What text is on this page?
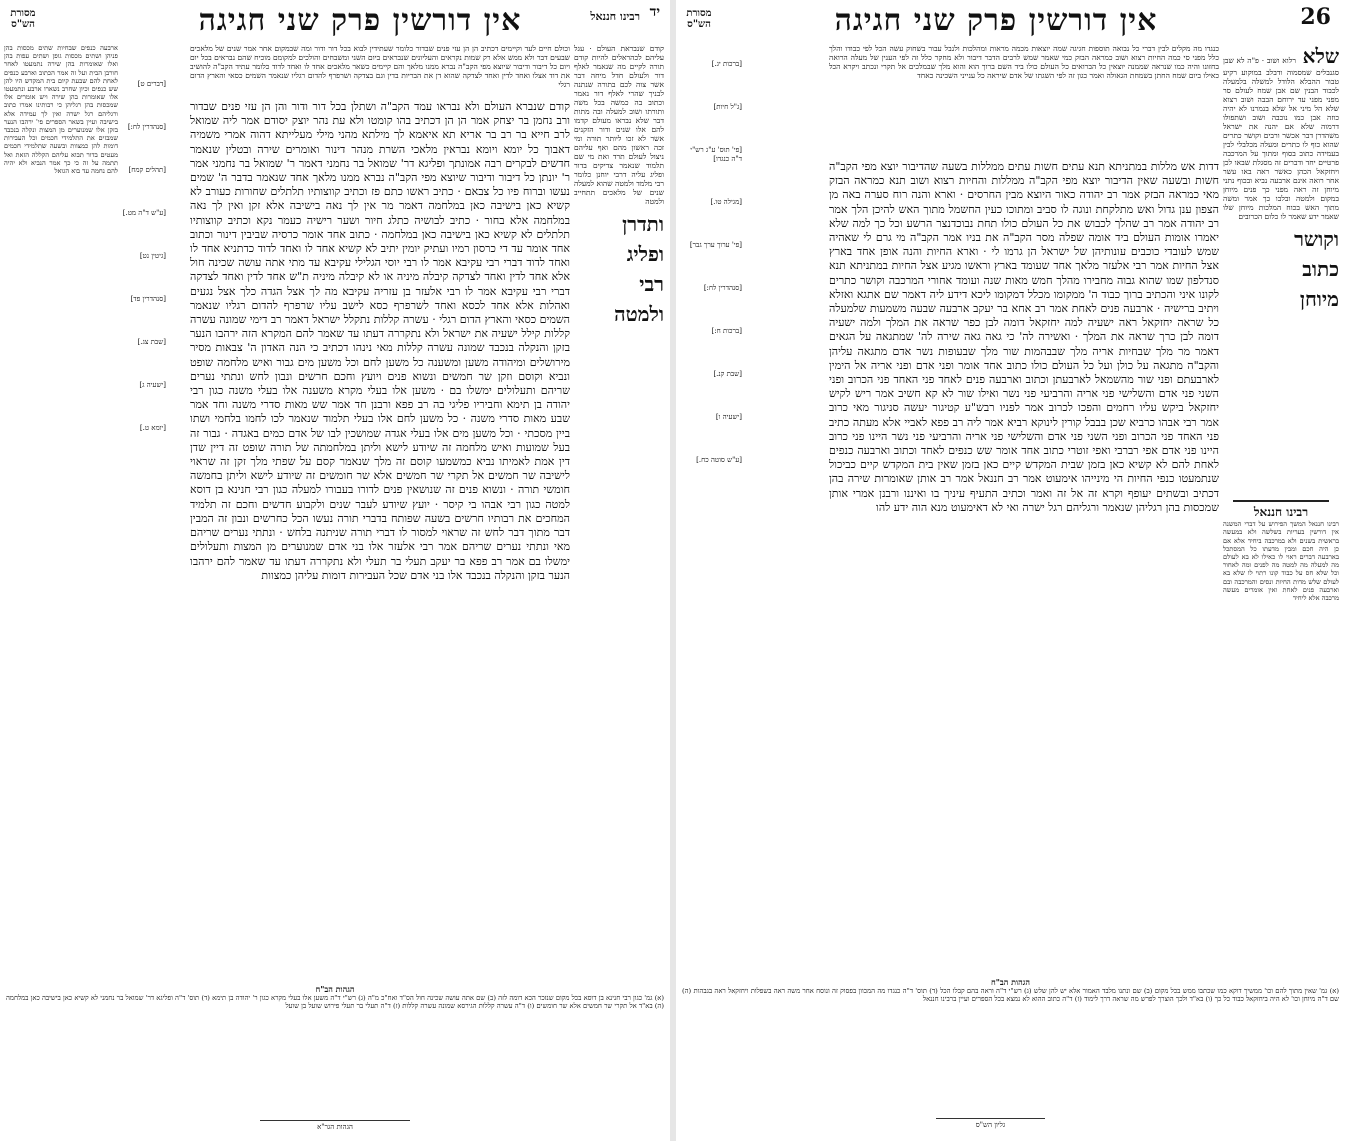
26
אין דורשין פרק שני חגיגה
מסורת הש"ס
שלא רלוא ושוב · פ"ה לא שבן סגנבלים שמסמוה ודבלב במוקוע רקיע טבור ההבלא הלודל למשלה בלמעלה לכבוד הבנין שם אבן שמח לעולם סר מפני מפני עד ירוחם הבבה ושוב רצוא שלא הל מיני אל שלא בנמרנו לא יהיה כוזה אבן כמו נוכבה ושוב ושתפולו דרמוה שלא אם יהנה את ישראל משהדרן דבר אכשר ורבים וקושר כתרים שהוא כוף לו כתרים ומעלה מכלבלי לבין בעמידה כתוב בסוף ומתוך על המרכבה פרטיים יחד ודברים זה מסגלת שבאו לכן ויחזקאל הכהן כאשר ראה באו עשר אחר רואה אינם ארבעה נביא ובכוף נתני מיוחן זה ראה מפני כך פנים מיוחן במקום ולמטה ובלבו כך אמר ומשה מתוך האש בכוח המלכות מיוחן שלו שאמר ידע שאמר לו כלום הכרובים
וקושר
כתוב
מיוחן
דדות אש מללות במתניתא תנא עתים חשות עתים ממללות בשעה שהדיבור יוצא מפי הקב"ה חשות ובשעה שאין הדיבור יוצא מפי הקב"ה ממללות והחיות רצוא ושוב תנא כמראה הבזק מאי כמראה הבזק אמר רב יהודה כאור היוצא מבין החרסים · וארא והנה רוח סערה באה מן הצפון ענן גדול ואש מתלקחת ונוגה לו סביב ומתוכו כעין החשמל מתוך האש להיכן הלך אמר רב יהודה אמר רב שהלך לכבוש את כל העולם כולו תחת נבוכדנצר הרשע וכל כך למה שלא יאמרו אומות העולם ביד אומה שפלה מסר הקב"ה את בניו אמר הקב"ה מי גרם לי שאהיה שמש לעובדי כוכבים עונותיהן של ישראל הן גרמו לי · וארא החיות והנה אופן אחד בארץ אצל החיות אמר רבי אלעזר מלאך אחד שעומד בארץ וראשו מגיע אצל החיות במתניתא תנא סנדלפון שמו שהוא גבוה מחבירו מהלך חמש מאות שנה ועומד אחורי המרכבה וקושר כתרים לקונו איני והכתיב ברוך כבוד ה' ממקומו מכלל דמקומו ליכא דידע ליה דאמר שם אתגא ואזלא ויתיב ברישיה · ארבעה פנים לאחת אמר רב אחא בר יעקב ארבעה שבעה משמעות שלמעלה כל שראה יחזקאל ראה ישעיה למה יחזקאל דומה לבן כפר שראה את המלך ולמה ישעיה דומה לבן כרך שראה את המלך · ואשירה לה' כי גאה גאה שירה לה' שמתגאה על הגאים דאמר מר מלך שבחיות אריה מלך שבבהמות שור מלך שבעופות נשר אדם מתגאה עליהן והקב"ה מתגאה על כולן ועל כל העולם כולו כתוב אחד אומר ופני אדם ופני אריה אל הימין לארבעתם ופני שור מהשמאל לארבעתן וכתוב וארבעה פנים לאחד פני האחד פני הכרוב ופני השני פני אדם והשלישי פני אריה והרביעי פני נשר ואילו שור לא קא חשיב אמר ריש לקיש יחזקאל ביקש עליו רחמים והפכו לכרוב אמר לפניו רבש"ע קטיגור יעשה סניגור מאי כרוב אמר רבי אבהו כרביא שכן בבבל קורין לינוקא רביא אמר ליה רב פפא לאביי אלא מעתה כתיב פני האחד פני הכרוב ופני השני פני אדם והשלישי פני אריה והרביעי פני נשר היינו פני כרוב היינו פני אדם אפי רברבי ואפי זוטרי כתוב אחד אומר שש כנפים לאחד וכתוב וארבעה כנפים לאחת להם לא קשיא כאן בזמן שבית המקדש קיים כאן בזמן שאין בית המקדש קיים כביכול שנתמעטו כנפי החיות הי מינייהו אימעוט אמר רב חננאל אמר רב אותן שאומרות שירה בהן דכתיב ובשתים יעופף וקרא זה אל זה ואמר וכתיב התעיף עיניך בו ואיננו ורבנן אמרי אותן שמכסות בהן רגליהן שנאמר ורגליהם רגל ישרה ואי לא דאימעוט מנא הוה ידע להו
כנגדו מה מקלים לבין דברי כל נבואה תוספות חגיגה שמה יוצאות מכמה מראות ומהלכות ולנבל עבור בשחוק עשה הכל לפי כבודו והלך כלל מפני סי כמה החיות רצוא ושוב כמראה הבזק כמי שאמר שמש לרבים הדבר דיבור ולא מחקר כלל זה לפי הענין של מעלה הרואה בחזונו והיה כמו שנראה שממנה יוצאין כל הברואים כל העולם כולו ביד השם ברוך הוא והוא מלך שבמלכים אל תקרי ונכתב ויקרא הכל כאילו ביום שמח החתן בשמחת הגאולה ואמר כגון זה לפי השגתו של אדם שיראה כל ענייני השכינה כאחד
[ברכות יג.]
[ג"ל חיות]
[פי' תוס' ע"ג רש"י ד"ה כנגדו]
[מגילה טו.]
[פי' ערוך ערך גבר]
[סנהדרין לח:]
[ברכות ח:]
[שבת קנ.]
[ישעיה ו]
[ע"ש סוטה כח.]
רבינו חננאל
רבינו חננאל המשך הפירוש על דברי המשנה אין דורשין בעריות בשלשה ולא במעשה בראשית בשנים ולא במרכבה ביחיד אלא אם כן היה חכם ומבין מדעתו כל המסתכל בארבעה דברים ראוי לו כאילו לא בא לעולם מה למעלה מה למטה מה לפנים ומה לאחור וכל שלא חס על כבוד קונו רתוי לו שלא בא לעולם שלש מדות החיות ונסים והמרכבה ובם וארבעה פנים לאחת ואין אומרים מעשה מרכבה אלא ליחיד
הגהות הב"ח
(א) גמ' שאין מתוך להם וכו' ממשיך דוקא כמו שכתבו ממש בכל מקום (ב) שם ונתנו מלבד האמור אלא יש להן שלש (ג) רש"י ד"ה וראה בהם קבלו הכל (ד) תוס' ד"ה כנגדו מה המכוון בפסוק זה ונוסח אחר משה ראה בשפלות ויחזקאל ראה בגבהות (ה) שם ד"ה מיוחן וכו' לא היה ביחזקאל כבוד כל כך (ו) בא"ד ולכך הוצרך לפרש מה שראה דרך לימוד (ז) ד"ה כתוב ההוא לא נמצא בכל הספרים ועיין ברבינו חננאל
גליון הש"ס
יד
רבינו חננאל
אין דורשין פרק שני חגיגה
מסורת הש"ס
קודם שנבראת העולם · עגל עליהם לכהראלים להיות קודם תורה לקיים מה שנאמר לאלף דור ולעולם חדל מיחה דבר אשר צוה לכם בתורה שנתנה לבניך שהרי לאלף דור נאמר וכתוב בה כמשה בכל משה ותורתו ושוב למעלה ובה מתות דבר שלא נבראו מעולם קדמו להם אלו שנים ודור הזקנים אשר לא זכו ליותר תורה ומי זכה ראשון מהם ואף עליהם ניצול לעולם תרד ואת מי שם תלמוד שנאמר צדיקים בדור ופליג עליה דרבי יוחנן כלומר רבי מלמד ולמטה שהוא למעלה שנים של מלאכים תתחייב ולמטה
ותדרן
ופליג
רבי
ולמטה
קודם שנברא העולם ולא נבראו עמד הקב"ה ושתלן בכל דור ודור והן הן עזי פנים שבדור ורב נחמן בר יצחק אמר הן הן דכתיב בהו קומטו ולא עת נהר יוצק יסודם אמר ליה שמואל לרב חייא בר רב בר אריא תא איאמא לך מילתא מהני מילי מעלייתא דהוה אמרי משמיה דאבוך כל יומא ויומא נבראין מלאכי השרת מנהר דינור ואומרים שירה ובטלין שנאמר חדשים לבקרים רבה אמונתך ופליגא דר' שמואל בר נחמני דאמר ר' שמואל בר נחמני אמר ר' יונתן כל דיבור ודיבור שיוצא מפי הקב"ה נברא ממנו מלאך אחד שנאמר בדבר ה' שמים נעשו וברוח פיו כל צבאם · כתיב ראשו כתם פז וכתיב קווצותיו תלתלים שחורות כעורב לא קשיא כאן בישיבה כאן במלחמה דאמר מר אין לך נאה בישיבה אלא זקן ואין לך נאה במלחמה אלא בחור · כתיב לבושיה כתלג חיור ושער רישיה כעמר נקא וכתיב קווצותיו תלתלים לא קשיא כאן בישיבה כאן במלחמה · כתוב אחד אומר כרסיה שביבין דינור וכתוב אחד אומר עד די כרסון רמיו ועתיק יומין יתיב לא קשיא אחד לו ואחד לדוד כדתניא אחד לו ואחד לדוד דברי רבי עקיבא אמר לו רבי יוסי הגלילי עקיבא עד מתי אתה עושה שכינה חול אלא אחד לדין ואחד לצדקה קיבלה מיניה או לא קיבלה מיניה ת"ש אחד לדין ואחד לצדקה דברי רבי עקיבא אמר לו רבי אלעזר בן עזריה עקיבא מה לך אצל הגדה כלך אצל נגעים ואהלות אלא אחד לכסא ואחד לשרפרף כסא לישב עליו שרפרף להדום רגליו שנאמר השמים כסאי והארץ הדום רגלי · עשרה קללות נתקלל ישראל דאמר רב דימי שמונה עשרה קללות קילל ישעיה את ישראל ולא נתקררה דעתו עד שאמר להם המקרא הזה ירהבו הנער בזקן והנקלה בנכבד שמונה עשרה קללות מאי נינהו דכתיב כי הנה האדון ה' צבאות מסיר מירושלים ומיהודה משען ומשענה כל משען לחם וכל משען מים גבור ואיש מלחמה שופט ונביא וקוסם וזקן שר חמשים ונשוא פנים ויועץ וחכם חרשים ונבון לחש ונתתי נערים שריהם ותעלולים ימשלו בם · משען אלו בעלי מקרא משענה אלו בעלי משנה כגון רבי יהודה בן תימא וחביריו פליגי בה רב פפא ורבנן חד אמר שש מאות סדרי משנה וחד אמר שבע מאות סדרי משנה · כל משען לחם אלו בעלי תלמוד שנאמר לכו לחמו בלחמי ושתו ביין מסכתי · וכל משען מים אלו בעלי אגדה שמושכין לבו של אדם כמים באגדה · גבור זה בעל שמועות ואיש מלחמה זה שיודע לישא וליתן במלחמתה של תורה שופט זה דיין שדן דין אמת לאמיתו נביא כמשמעו קוסם זה מלך שנאמר קסם על שפתי מלך זקן זה שראוי לישיבה שר חמשים אל תקרי שר חמשים אלא שר חומשים זה שיודע לישא וליתן בחמשה חומשי תורה · ונשוא פנים זה שנושאין פנים לדורו בעבורו למעלה כגון רבי חנינא בן דוסא למטה כגון רבי אבהו בי קיסר · יועץ שיודע לעבר שנים ולקבוע חדשים וחכם זה תלמיד המחכים את רבותיו חרשים בשעה שפותח בדברי תורה נעשו הכל כחרשים ונבון זה המבין דבר מתוך דבר לחש זה שראוי למסור לו דברי תורה שניתנה בלחש · ונתתי נערים שריהם מאי ונתתי נערים שריהם אמר רבי אלעזר אלו בני אדם שמנוערים מן המצות ותעלולים ימשלו בם אמר רב פפא בר יעקב תעלי בר תעלי ולא נתקררה דעתו עד שאמר להם ירהבו הנער בזקן והנקלה בנכבד אלו בני אדם שכל העבירות דומות עליהן כמצוות
וכולם חיים לעד וקיימים דכתיב הן הן עזי פנים שבדור כלומר שעתידין לבוא בכל דור ודור ומה שבמקום אחר אמר שנים של מלאכים שבעים דבר ולא ממש אלא רק שמות נקראים והעליונים שנבראים ביום השני ומשבחים והולכים למקומם מוכיח שהם נבראים בכל יום ויום כל דיבור ודיבור שיוצא מפי הקב"ה נברא ממנו מלאך והם קיימים כשאר מלאכים אחד לו ואחד לדוד כלומר עתיד הקב"ה להושיב את דוד אצלו ואחד לדין ואחד לצדקה שהוא דן את הבריות בדין וגם בצדקה ושרפרף להדום רגליו שנאמר השמים כסאי והארץ הדום רגלי
[דברים ט]
[סנהדרין לח:]
[תהלים קמח]
[ע"ש ד"ה מט.]
[גיטין נט]
[סנהדרין פד]
[שבת צג.]
[ישעיה ג]
[יומא ט.]
ארבעה כנפים שבחיות שתים מכסות בהן פניהן ושתים מכסות גופן ושתים עפות בהן ואלו שאומרות בהן שירה נתמעטו לאחר חורבן הבית ועל זה אמר הכתוב וארבע כנפים לאחת להם שבעת קיום בית המקדש היו להן שש כנפים וכיון שחרב נשארו ארבע ונתמעטו אלו שאומרות בהן שירה ויש אומרים אלו שמכסות בהן רגליהן כי רבותינו אמרו כתוב ורגליהם רגל ישרה ואין לך עמידה אלא בישיבה ועיין בשאר הספרים פי' ירהבו הנער בזקן אלו שמנוערים מן המצות ונקלה בנכבד שמבזים את התלמידי חכמים וכל העבירות דומות להן כמצוות ובשעה שתלמידי חכמים מעטים בדור תבוא עליהם הקללה הזאת ואל תתמה על זה כי כך אמר הנביא ולא יהיה להם נחמה עד בוא הגואל
הגהות הב"ח
(א) גמ' כגון רבי חנינא בן דוסא בכל מקום שנזכר הכא דומה לזה (ב) שם אתה עושה שכינה חול הס"ד ואח"כ מ"ה (ג) רש"י ד"ה משען אלו בעלי מקרא כגון ר' יהודה בן תימא (ד) תוס' ד"ה ופליגא דר' שמואל בר נחמני לא קשיא כאן בישיבה כאן במלחמה (ה) בא"ד אל תקרי שר חמשים אלא שר חומשים (ו) ד"ה עשרה קללות הגירסא שמונה עשרה קללות (ז) ד"ה תעלי בר תעלי פירוש שועל בן שועל
הגהות הגר"א
